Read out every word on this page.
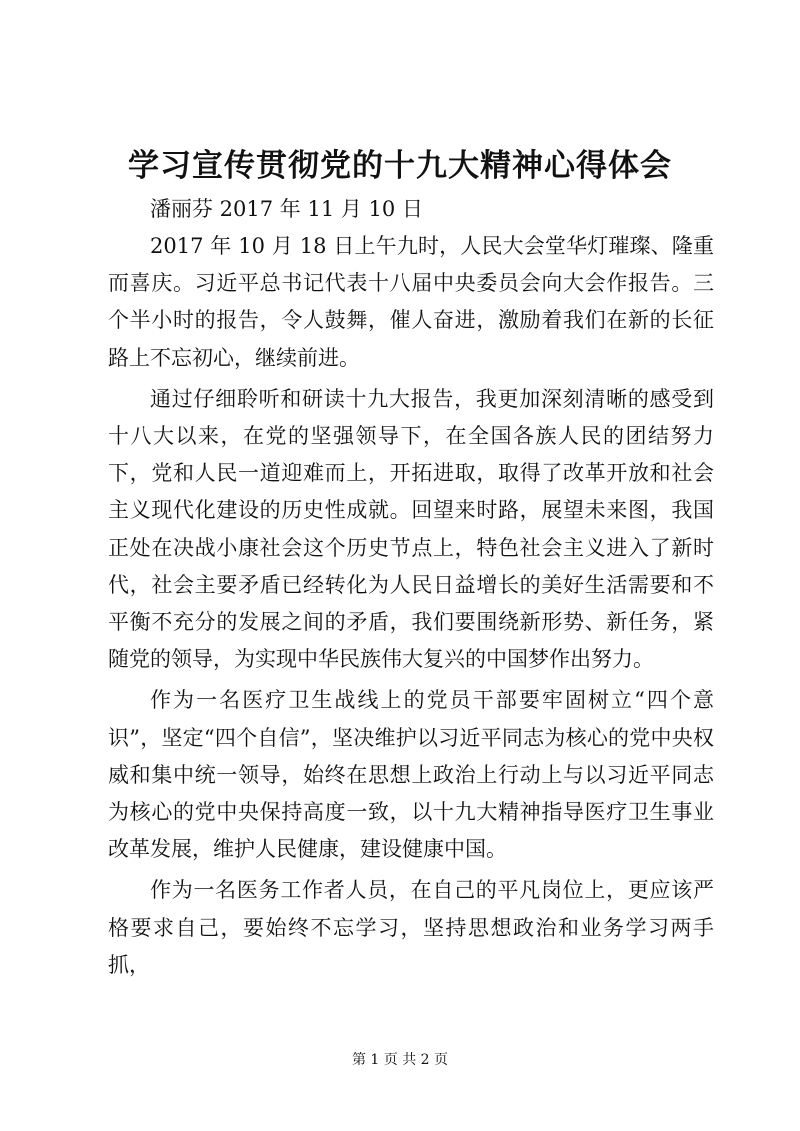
学习宣传贯彻党的十九大精神心得体会
潘丽芬 2017 年 11 月 10 日

2017 年 10 月 18 日上午九时，人民大会堂华灯璀璨、隆重而喜庆。习近平总书记代表十八届中央委员会向大会作报告。三个半小时的报告，令人鼓舞，催人奋进，激励着我们在新的长征路上不忘初心，继续前进。

通过仔细聆听和研读十九大报告，我更加深刻清晰的感受到十八大以来，在党的坚强领导下，在全国各族人民的团结努力下，党和人民一道迎难而上，开拓进取，取得了改革开放和社会主义现代化建设的历史性成就。回望来时路，展望未来图，我国正处在决战小康社会这个历史节点上，特色社会主义进入了新时代，社会主要矛盾已经转化为人民日益增长的美好生活需要和不平衡不充分的发展之间的矛盾，我们要围绕新形势、新任务，紧随党的领导，为实现中华民族伟大复兴的中国梦作出努力。

作为一名医疗卫生战线上的党员干部要牢固树立“四个意识”，坚定“四个自信”，坚决维护以习近平同志为核心的党中央权威和集中统一领导，始终在思想上政治上行动上与以习近平同志为核心的党中央保持高度一致，以十九大精神指导医疗卫生事业改革发展，维护人民健康，建设健康中国。

作为一名医务工作者人员，在自己的平凡岗位上，更应该严格要求自己，要始终不忘学习，坚持思想政治和业务学习两手抓，

第 1 页 共 2 页
